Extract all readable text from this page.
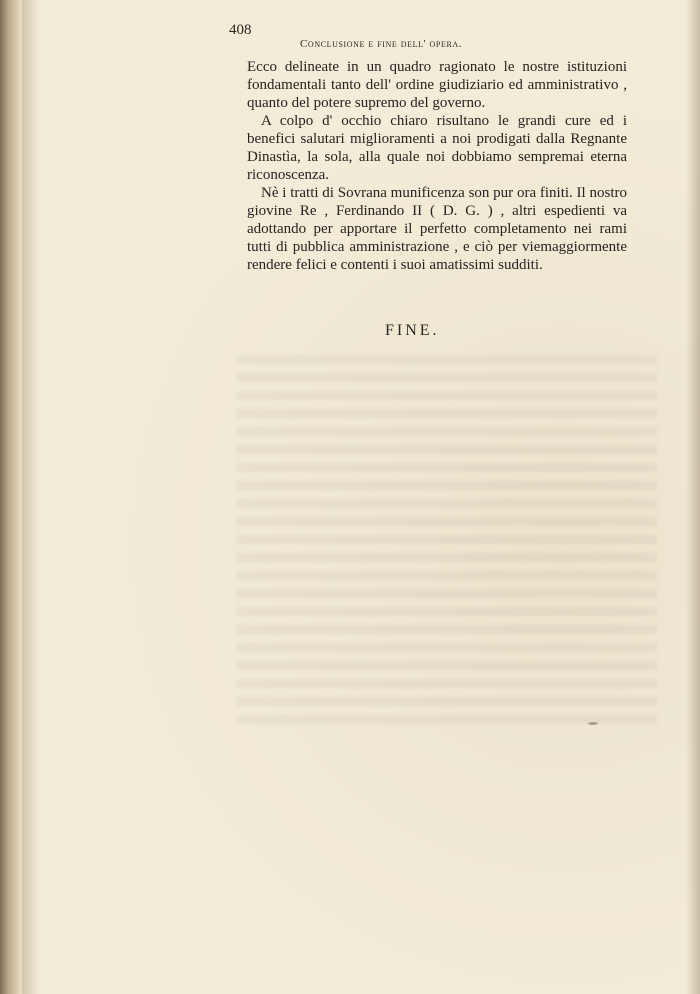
408

Conclusione e fine dell' opera.

Ecco delineate in un quadro ragionato le nostre istituzioni fondamentali tanto dell' ordine giudiziario ed amministrativo , quanto del potere supremo del governo.

A colpo d' occhio chiaro risultano le grandi cure ed i benefici salutari miglioramenti a noi prodigati dalla Regnante Dinastìa, la sola, alla quale noi dobbiamo sempremai eterna riconoscenza.

Nè i tratti di Sovrana munificenza son pur ora finiti. Il nostro giovine Re , Ferdinando II ( D. G. ) , altri espedienti va adottando per apportare il perfetto completamento nei rami tutti di pubblica amministrazione , e ciò per viemaggiormente rendere felici e contenti i suoi amatissimi sudditi.

FINE.
